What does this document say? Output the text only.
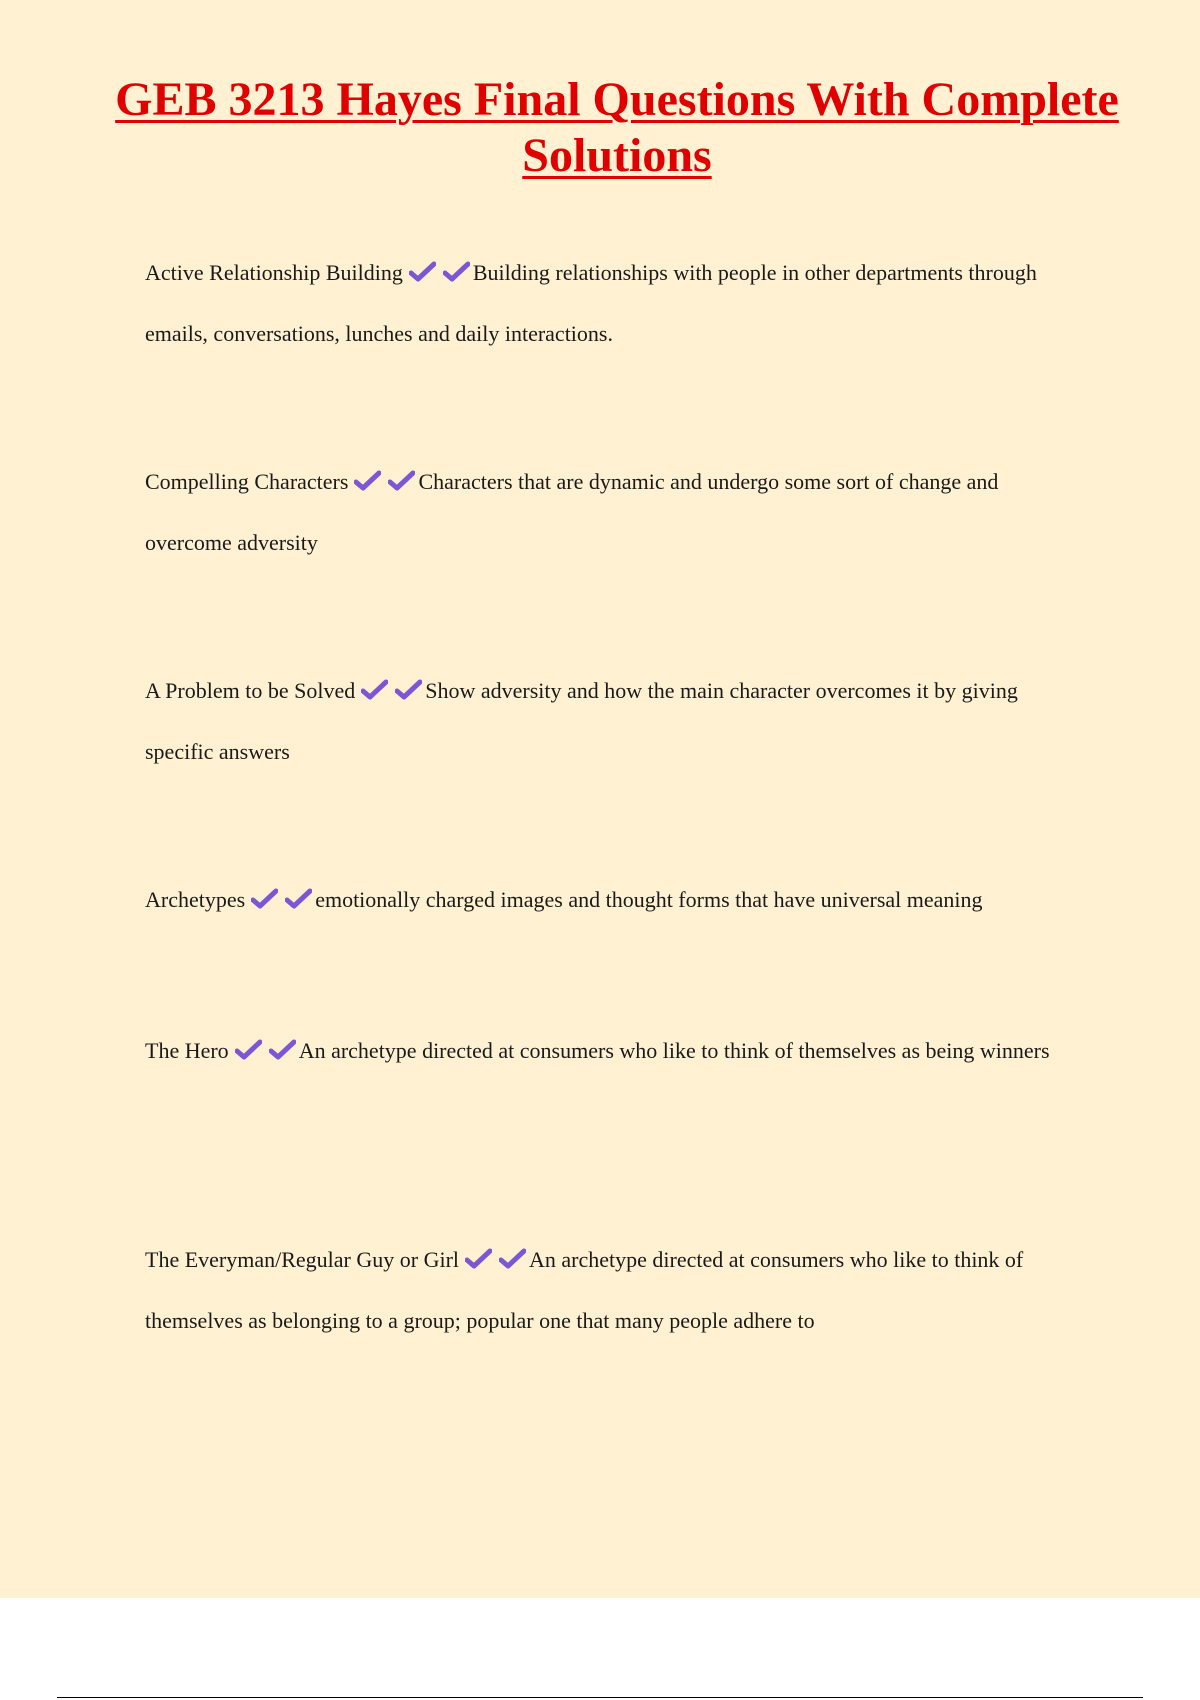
GEB 3213 Hayes Final Questions With Complete Solutions

Active Relationship Building	Building relationships with people in other departments through emails, conversations, lunches and daily interactions.

Compelling Characters	Characters that are dynamic and undergo some sort of change and overcome adversity

A Problem to be Solved	Show adversity and how the main character overcomes it by giving specific answers

Archetypes	emotionally charged images and thought forms that have universal meaning

The Hero	An archetype directed at consumers who like to think of themselves as being winners

The Everyman/Regular Guy or Girl	An archetype directed at consumers who like to think of themselves as belonging to a group; popular one that many people adhere to
